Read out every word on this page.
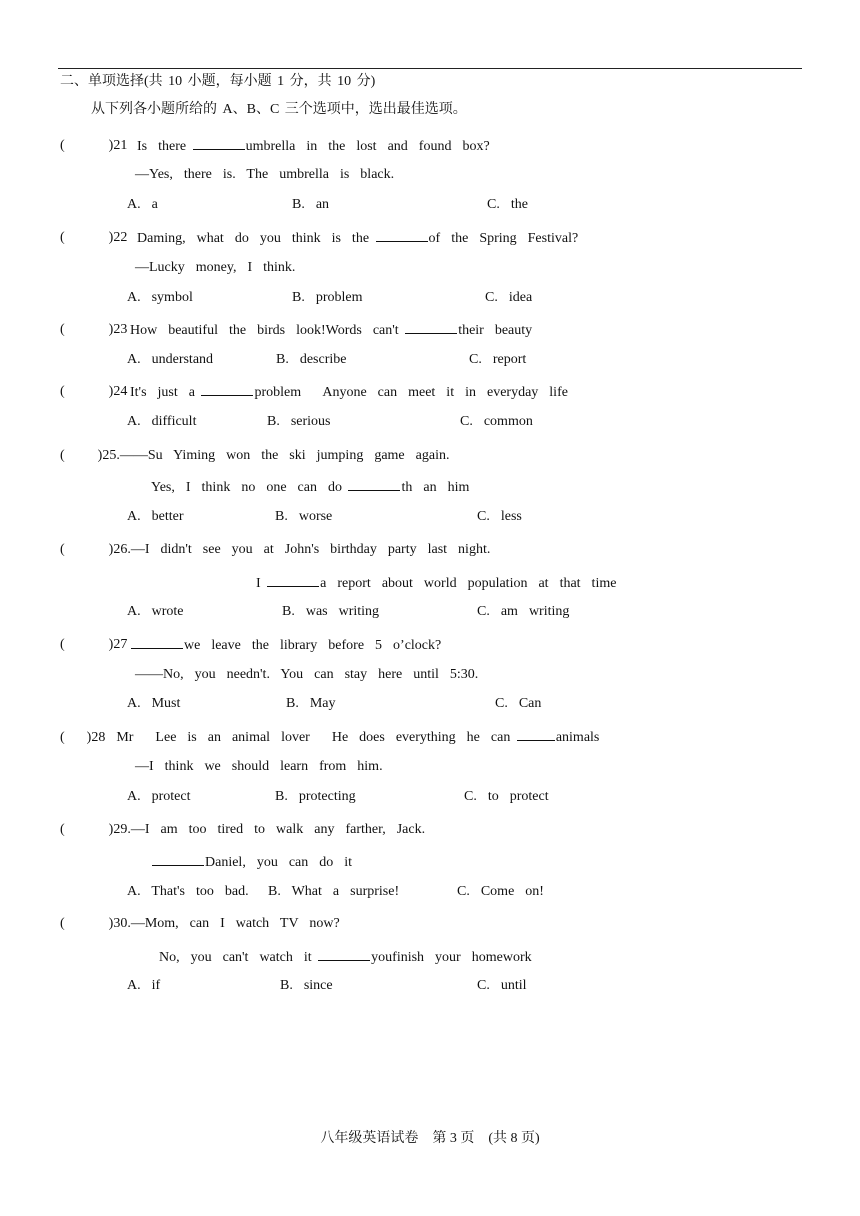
二、单项选择(共 10 小题，每小题 1 分，共 10 分)
从下列各小题所给的 A、B、C 三个选项中，选出最佳选项。
(        )21 Is  there	umbrella  in  the  lost  and  found  box?
—Yes,  there  is.  The  umbrella  is  black.
A.  a	B.  an	C.  the
(        )22 Daming,  what  do  you  think  is  the	of  the  Spring  Festival?
—Lucky  money,  I  think.
A.  symbol	B.  problem	C.  idea
(        )23 How  beautiful  the  birds  look!Words  can't	their  beauty
A.  understand	B.  describe	C.  report
(        )24 It's  just  a	problem    Anyone  can  meet  it  in  everyday  life
A.  difficult	B.  serious	C.  common
(      )25.——Su  Yiming  won  the  ski  jumping  game  again.
Yes,  I  think  no  one  can  do	th  an  him
A.  better	B.  worse	C.  less
(        )26.—I  didn't  see  you  at  John's  birthday  party  last  night.
I	a  report  about  world  population  at  that  time
A.  wrote	B.  was  writing	C.  am  writing
(        )27	we  leave  the  library  before  5  o’clock?
——No,  you  needn't.  You  can  stay  here  until  5:30.
A.  Must	B.  May	C.  Can
(    )28  Mr    Lee  is  an  animal  lover    He  does  everything  he  can	animals
—I  think  we  should  learn  from  him.
A.  protect	B.  protecting	C.  to  protect
(        )29.—I  am  too  tired  to  walk  any  farther,  Jack.
Daniel,  you  can  do  it
A.  That's  too  bad. B.  What  a  surprise!	C.  Come  on!
(        )30.—Mom,  can  I  watch  TV  now?
No,  you  can't  watch  it	youfinish  your  homework
A.  if	B.  since	C.  until
八年级英语试卷    第 3 页    (共 8 页)
